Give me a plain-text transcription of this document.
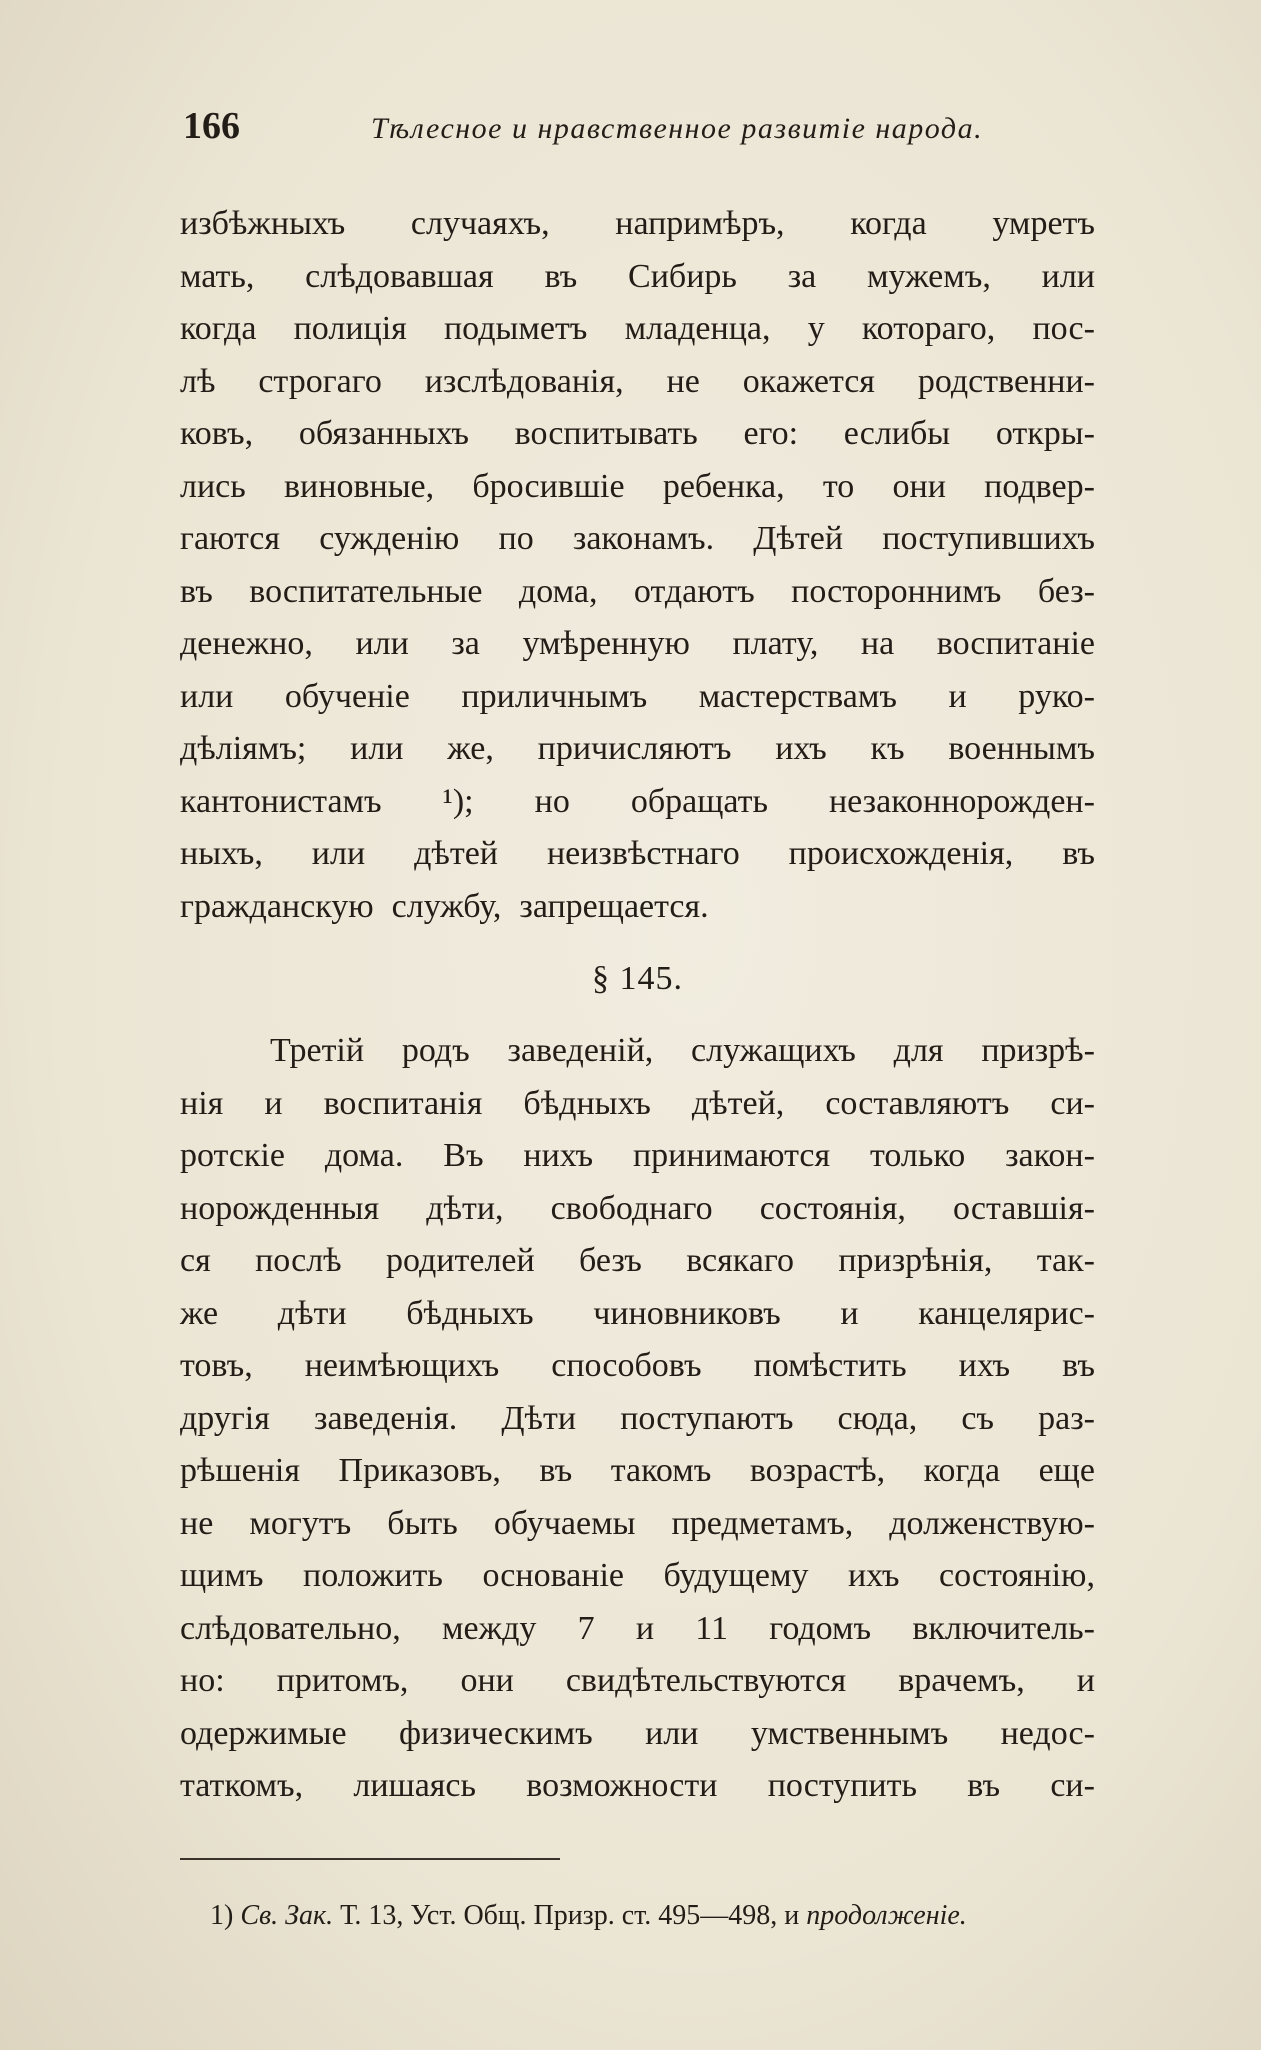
166	Тѣлесное и нравственное развитіе народа.
избѣжныхъ случаяхъ, напримѣръ, когда умретъ
мать, слѣдовавшая въ Сибирь за мужемъ, или
когда полиція подыметъ младенца, у котораго, пос-
лѣ строгаго изслѣдованія, не окажется родственни-
ковъ, обязанныхъ воспитывать его: еслибы откры-
лись виновные, бросившіе ребенка, то они подвер-
гаются сужденію по законамъ. Дѣтей поступившихъ
въ воспитательные дома, отдаютъ постороннимъ без-
денежно, или за умѣренную плату, на воспитаніе
или обученіе приличнымъ мастерствамъ и руко-
дѣліямъ; или же, причисляютъ ихъ къ военнымъ
кантонистамъ ¹); но обращать незаконнорожден-
ныхъ, или дѣтей неизвѣстнаго происхожденія, въ
гражданскую службу, запрещается.
§ 145.
Третій родъ заведеній, служащихъ для призрѣ-
нія и воспитанія бѣдныхъ дѣтей, составляютъ си-
ротскіе дома. Въ нихъ принимаются только закон-
норожденныя дѣти, свободнаго состоянія, оставшія-
ся послѣ родителей безъ всякаго призрѣнія, так-
же дѣти бѣдныхъ чиновниковъ и канцелярис-
товъ, неимѣющихъ способовъ помѣстить ихъ въ
другія заведенія. Дѣти поступаютъ сюда, съ раз-
рѣшенія Приказовъ, въ такомъ возрастѣ, когда еще
не могутъ быть обучаемы предметамъ, долженствую-
щимъ положить основаніе будущему ихъ состоянію,
слѣдовательно, между 7 и 11 годомъ включитель-
но: притомъ, они свидѣтельствуются врачемъ, и
одержимые физическимъ или умственнымъ недос-
таткомъ, лишаясь возможности поступить въ си-
1) Св. Зак. Т. 13, Уст. Общ. Призр. ст. 495—498, и продолженіе.
